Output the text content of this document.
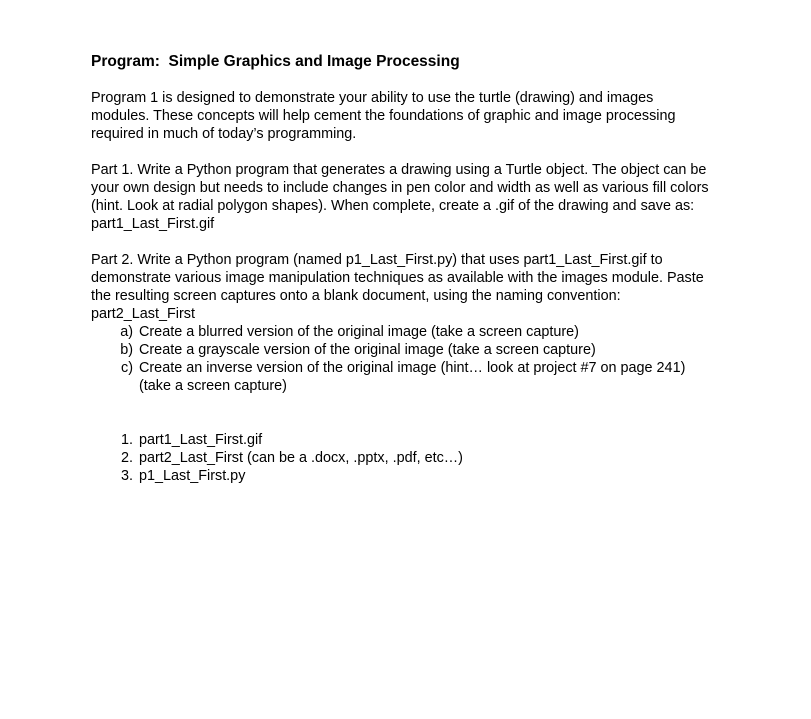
Program:  Simple Graphics and Image Processing

Program 1 is designed to demonstrate your ability to use the turtle (drawing) and images modules. These concepts will help cement the foundations of graphic and image processing required in much of today’s programming.

Part 1. Write a Python program that generates a drawing using a Turtle object. The object can be your own design but needs to include changes in pen color and width as well as various fill colors (hint. Look at radial polygon shapes). When complete, create a .gif of the drawing and save as: part1_Last_First.gif

Part 2. Write a Python program (named p1_Last_First.py) that uses part1_Last_First.gif to demonstrate various image manipulation techniques as available with the images module. Paste the resulting screen captures onto a blank document, using the naming convention: part2_Last_First

a) Create a blurred version of the original image (take a screen capture)
b) Create a grayscale version of the original image (take a screen capture)
c) Create an inverse version of the original image (hint… look at project #7 on page 241) (take a screen capture)
1. part1_Last_First.gif
2. part2_Last_First (can be a .docx, .pptx, .pdf, etc…)
3. p1_Last_First.py
